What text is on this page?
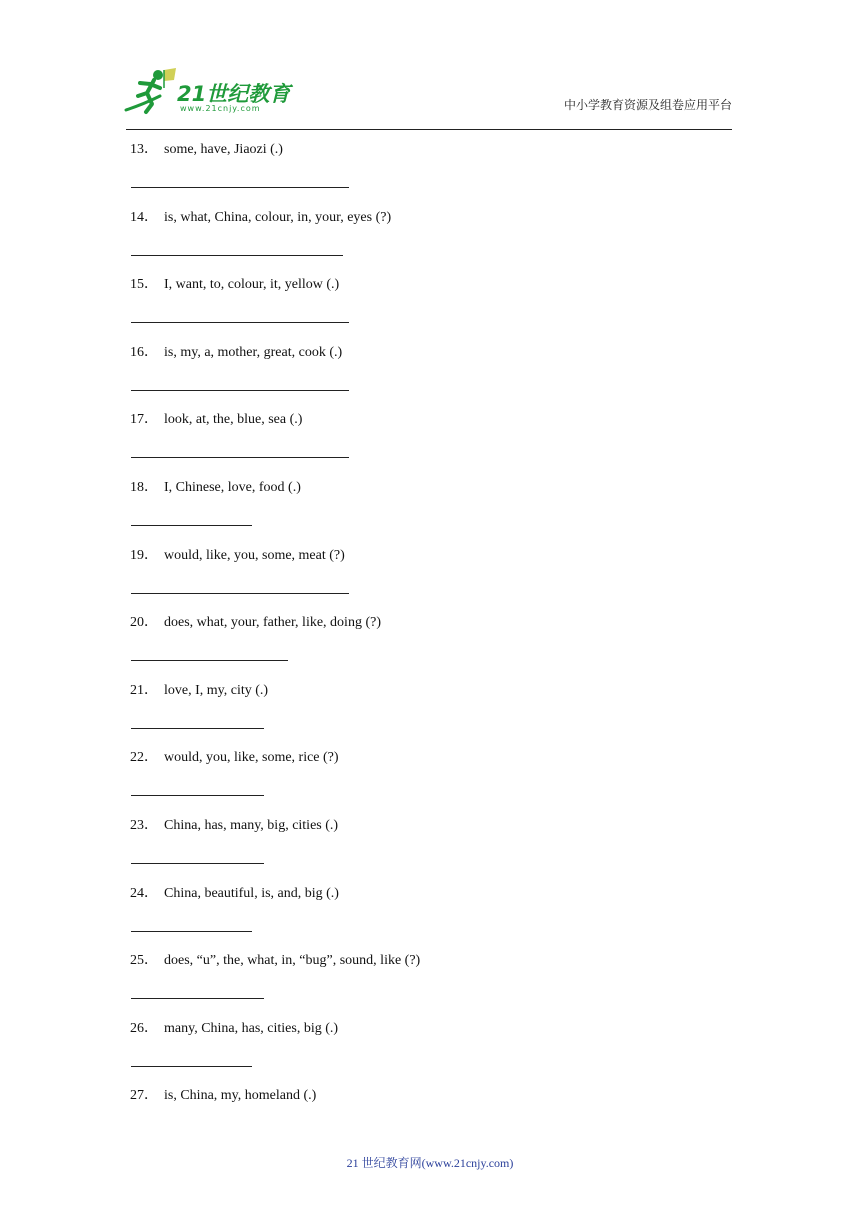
21世纪教育
www.21cnjy.com	中小学教育资源及组卷应用平台
13． some, have, Jiaozi (.)
14． is, what, China, colour, in, your, eyes (?)
15． I, want, to, colour, it, yellow (.)
16． is, my, a, mother, great, cook (.)
17． look, at, the, blue, sea (.)
18． I, Chinese, love, food (.)
19． would, like, you, some, meat (?)
20． does, what, your, father, like, doing (?)
21． love, I, my, city (.)
22． would, you, like, some, rice (?)
23． China, has, many, big, cities (.)
24． China, beautiful, is, and, big (.)
25． does, “u”, the, what, in, “bug”, sound, like (?)
26． many, China, has, cities, big (.)
27． is, China, my, homeland (.)
21 世纪教育网(www.21cnjy.com)
